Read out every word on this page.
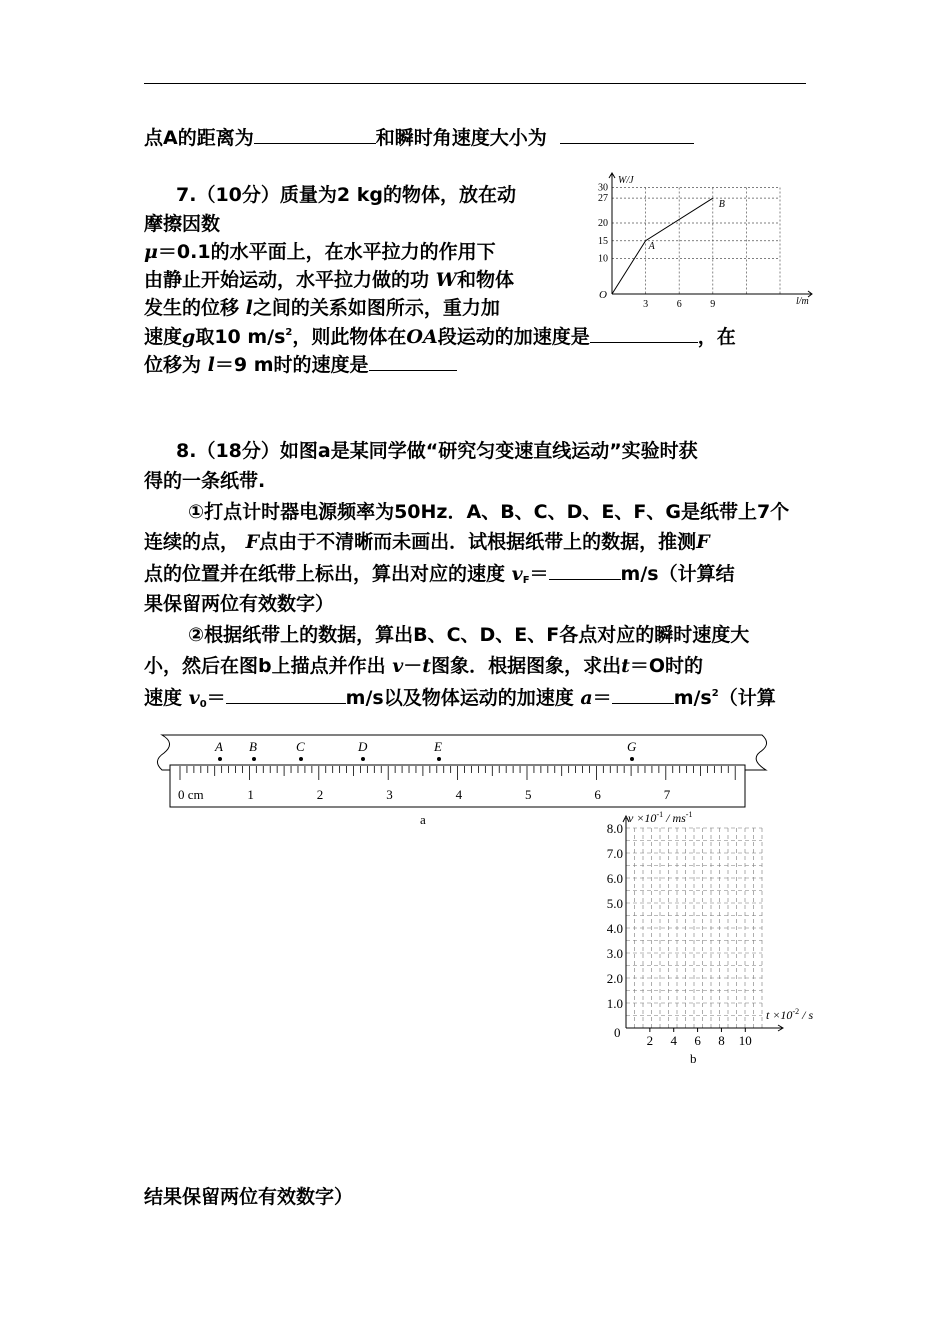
点A的距离为	和瞬时角速度大小为
7.（10分）质量为2 kg的物体，放在动
摩擦因数
μ＝0.1的水平面上，在水平拉力的作用下
由静止开始运动，水平拉力做的功 W和物体
发生的位移 l之间的关系如图所示，重力加
速度g取10 $m/s^2$，则此物体在OA段运动的加速度是	，在
位移为 l＝9 m时的速度是
W/J
l/m
O
30
27
20
15
10
3	6	9
A
B
8.（18分）如图a是某同学做“研究匀变速直线运动”实验时获
得的一条纸带.
①打点计时器电源频率为50Hz．A、B、C、D、E、F、G是纸带上7个
连续的点， F点由于不清晰而未画出．试根据纸带上的数据，推测F
点的位置并在纸带上标出，算出对应的速度 $v_F=$	m/s（计算结
果保留两位有效数字）
②根据纸带上的数据，算出B、C、D、E、F各点对应的瞬时速度大
小，然后在图b上描点并作出 v－t图象．根据图象，求出t＝O时的
速度 $v_0=$	m/s以及物体运动的加速度 a＝	$m/s^2$（计算
0 cm	1	2	3	4	5	6	7
A B	C	D	E	G
a
8.0
7.0
6.0
5.0
4.0
3.0
2.0
1.0
2 4 6 8 10
$v \times 10^{-1} / ms^{-1}$
$t \times 10^{-2} / s$
0
b
结果保留两位有效数字）
